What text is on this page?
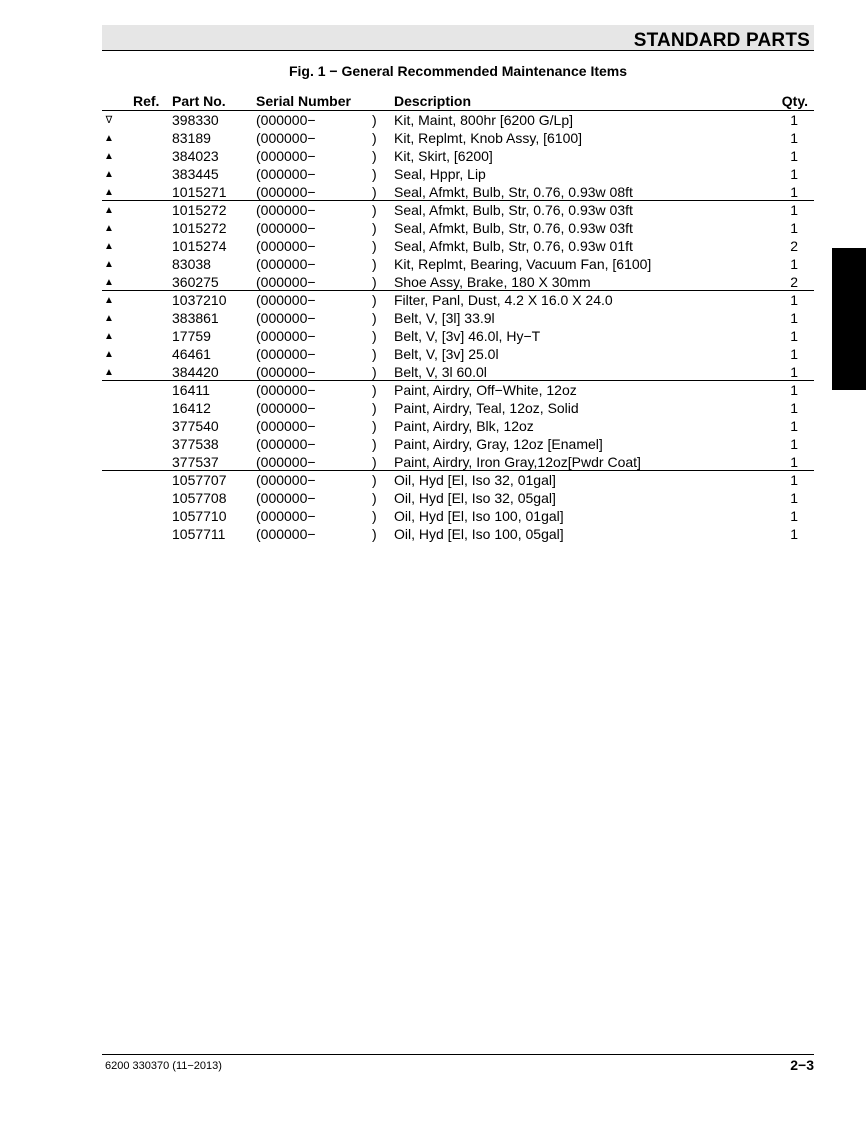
STANDARD PARTS
Fig. 1 − General Recommended Maintenance Items
Ref. Part No. Serial Number	Description	Qty.
∇	398330	(000000−	) Kit, Maint, 800hr [6200 G/Lp]	1
▲	83189	(000000−	) Kit, Replmt, Knob Assy, [6100]	1
▲	384023	(000000−	) Kit, Skirt, [6200]	1
▲	383445	(000000−	) Seal, Hppr, Lip	1
▲	1015271 (000000−	) Seal, Afmkt, Bulb, Str, 0.76, 0.93w 08ft	1
▲	1015272 (000000−	) Seal, Afmkt, Bulb, Str, 0.76, 0.93w 03ft	1
▲	1015272 (000000−	) Seal, Afmkt, Bulb, Str, 0.76, 0.93w 03ft	1
▲	1015274 (000000−	) Seal, Afmkt, Bulb, Str, 0.76, 0.93w 01ft	2
▲	83038	(000000−	) Kit, Replmt, Bearing, Vacuum Fan, [6100]	1
▲	360275	(000000−	) Shoe Assy, Brake, 180 X 30mm	2
▲	1037210 (000000−	) Filter, Panl, Dust, 4.2 X 16.0 X 24.0	1
▲	383861	(000000−	) Belt, V, [3l] 33.9l	1
▲	17759	(000000−	) Belt, V, [3v] 46.0l, Hy−T	1
▲	46461	(000000−	) Belt, V, [3v] 25.0l	1
▲	384420	(000000−	) Belt, V, 3l 60.0l	1
16411	(000000−	) Paint, Airdry, Off−White, 12oz	1
16412	(000000−	) Paint, Airdry, Teal, 12oz, Solid	1
377540	(000000−	) Paint, Airdry, Blk, 12oz	1
377538	(000000−	) Paint, Airdry, Gray, 12oz [Enamel]	1
377537	(000000−	) Paint, Airdry, Iron Gray,12oz[Pwdr Coat]	1
1057707 (000000−	) Oil, Hyd [El, Iso 32, 01gal]	1
1057708 (000000−	) Oil, Hyd [El, Iso 32, 05gal]	1
1057710 (000000−	) Oil, Hyd [El, Iso 100, 01gal]	1
1057711 (000000−	) Oil, Hyd [El, Iso 100, 05gal]	1
6200 330370 (11−2013)	2−3
